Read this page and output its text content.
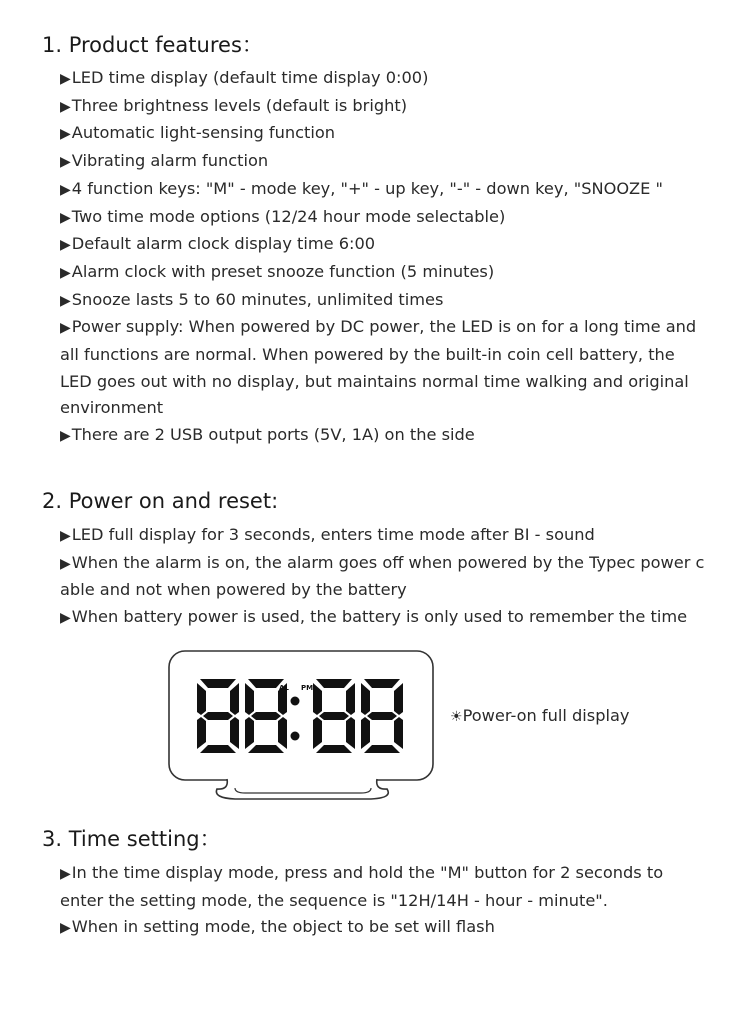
1. Product features：
▶LED time display (default time display 0:00)
▶Three brightness levels (default is bright)
▶Automatic light-sensing function
▶Vibrating alarm function
▶4 function keys: "M" - mode key, "+" - up key, "-" - down key, "SNOOZE "
▶Two time mode options (12/24 hour mode selectable)
▶Default alarm clock display time 6:00
▶Alarm clock with preset snooze function (5 minutes)
▶Snooze lasts 5 to 60 minutes, unlimited times
▶Power supply: When powered by DC power, the LED is on for a long time and all functions are normal. When powered by the built-in coin cell battery, the LED goes out with no display, but maintains normal time walking and original environment
▶There are 2 USB output ports (5V, 1A) on the side
2. Power on and reset:
▶LED full display for 3 seconds, enters time mode after BI - sound
▶When the alarm is on, the alarm goes off when powered by the Typec power c able and not when powered by the battery
▶When battery power is used, the battery is only used to remember the time
AL PM
☀Power-on full display
3. Time setting：
▶In the time display mode, press and hold the "M" button for 2 seconds to enter the setting mode, the sequence is "12H/14H - hour - minute".
▶When in setting mode, the object to be set will flash
